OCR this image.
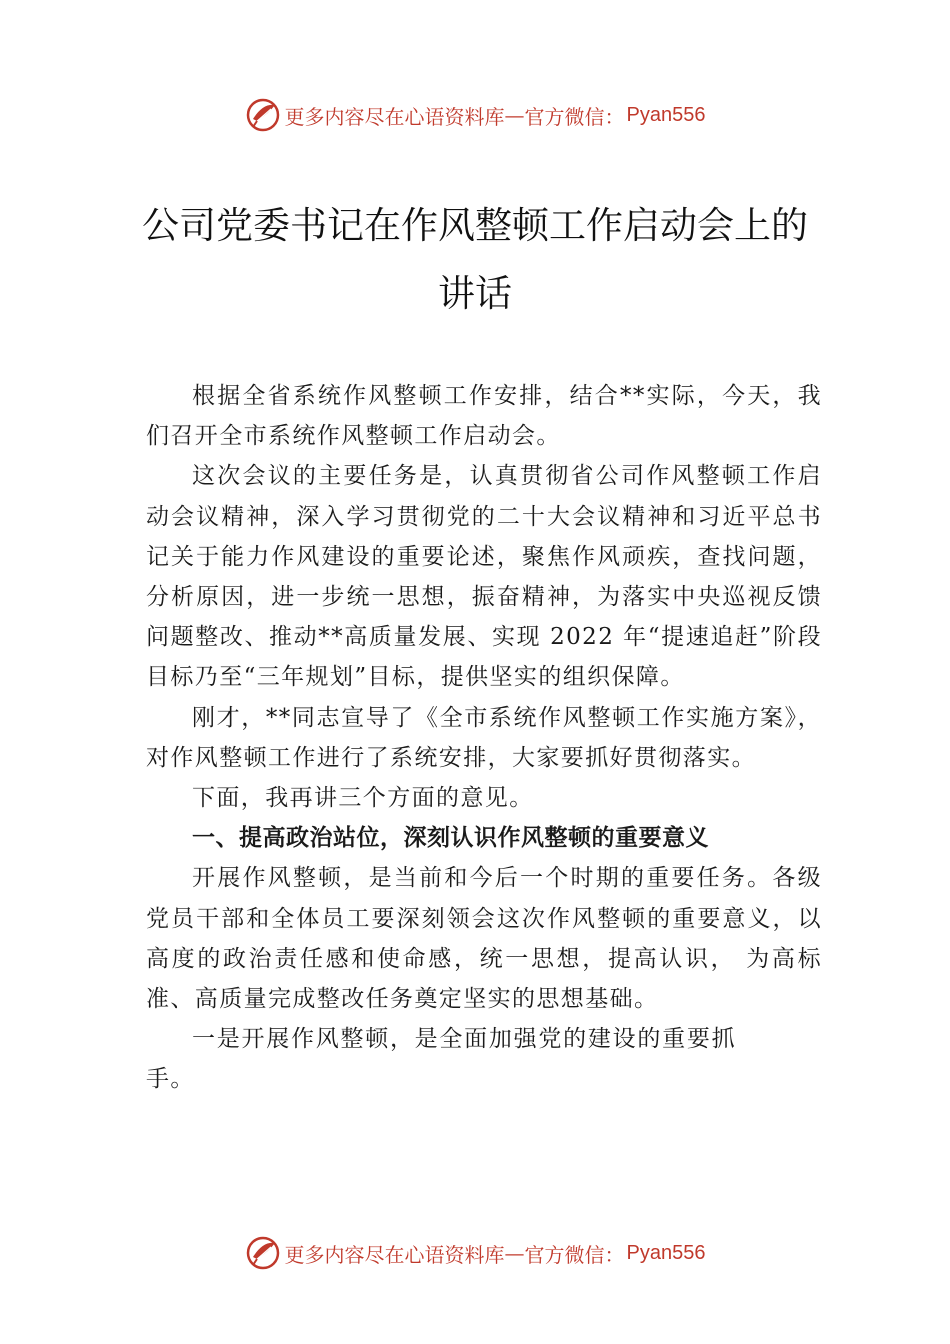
更多内容尽在心语资料库 — 官方微信： Pyan556
公司党委书记在作风整顿工作启动会上的
讲话

根据全省系统作风整顿工作安排，结合**实际，今天，我们召开全市系统作风整顿工作启动会。

这次会议的主要任务是，认真贯彻省公司作风整顿工作启动会议精神，深入学习贯彻党的二十大会议精神和习近平总书记关于能力作风建设的重要论述，聚焦作风顽疾，查找问题，分析原因，进一步统一思想，振奋精神，为落实中央巡视反馈问题整改、推动**高质量发展、实现 2022 年“提速追赶”阶段目标乃至“三年规划”目标，提供坚实的组织保障。

刚才，**同志宣导了《全市系统作风整顿工作实施方案》，对作风整顿工作进行了系统安排，大家要抓好贯彻落实。

下面，我再讲三个方面的意见。

一、提高政治站位，深刻认识作风整顿的重要意义

开展作风整顿，是当前和今后一个时期的重要任务。各级党员干部和全体员工要深刻领会这次作风整顿的重要意义，以高度的政治责任感和使命感，统一思想，提高认识， 为高标准、高质量完成整改任务奠定坚实的思想基础。

一是开展作风整顿，是全面加强党的建设的重要抓手。

更多内容尽在心语资料库 — 官方微信： Pyan556
